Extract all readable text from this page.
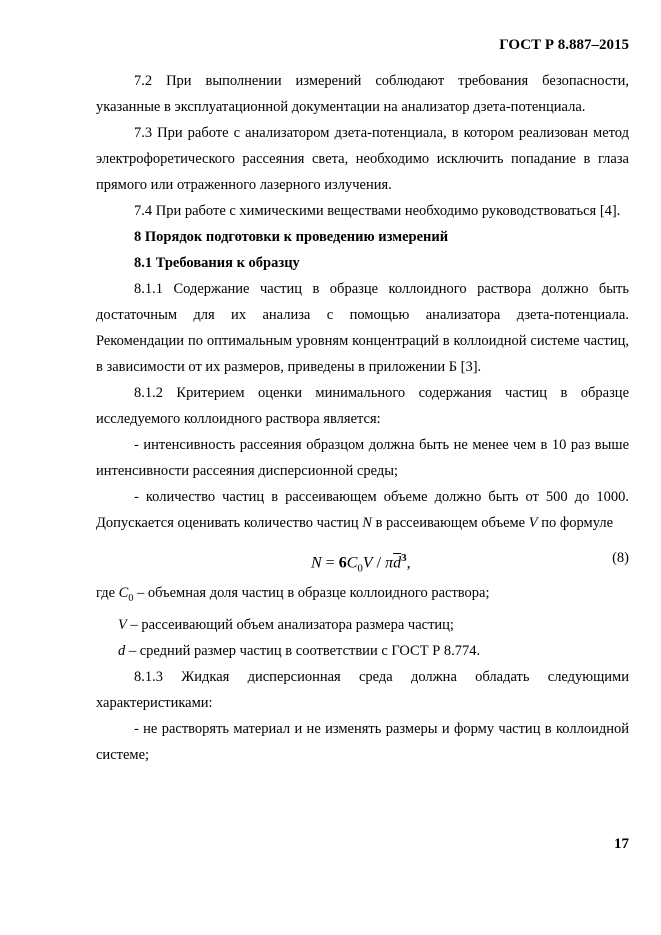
ГОСТ Р 8.887–2015

7.2 При выполнении измерений соблюдают требования безопасности, указанные в эксплуатационной документации на анализатор дзета-потенциала.

7.3 При работе с анализатором дзета-потенциала, в котором реализован метод электрофоретического рассеяния света, необходимо исключить попадание в глаза прямого или отраженного лазерного излучения.

7.4 При работе с химическими веществами необходимо руководствоваться [4].

8 Порядок подготовки к проведению измерений

8.1 Требования к образцу

8.1.1 Содержание частиц в образце коллоидного раствора должно быть достаточным для их анализа с помощью анализатора дзета-потенциала. Рекомендации по оптимальным уровням концентраций в коллоидной системе частиц, в зависимости от их размеров, приведены в приложении Б [3].

8.1.2 Критерием оценки минимального содержания частиц в образце исследуемого коллоидного раствора является:

- интенсивность рассеяния образцом должна быть не менее чем в 10 раз выше интенсивности рассеяния дисперсионной среды;

- количество частиц в рассеивающем объеме должно быть от 500 до 1000. Допускается оценивать количество частиц N в рассеивающем объеме V по формуле

$N = 6C_0V / \pi\overline{d}^3$,	(8)

где $C_0$ – объемная доля частиц в образце коллоидного раствора;

V – рассеивающий объем анализатора размера частиц;

d – средний размер частиц в соответствии с ГОСТ Р 8.774.

8.1.3 Жидкая дисперсионная среда должна обладать следующими характеристиками:

- не растворять материал и не изменять размеры и форму частиц в коллоидной системе;

17
